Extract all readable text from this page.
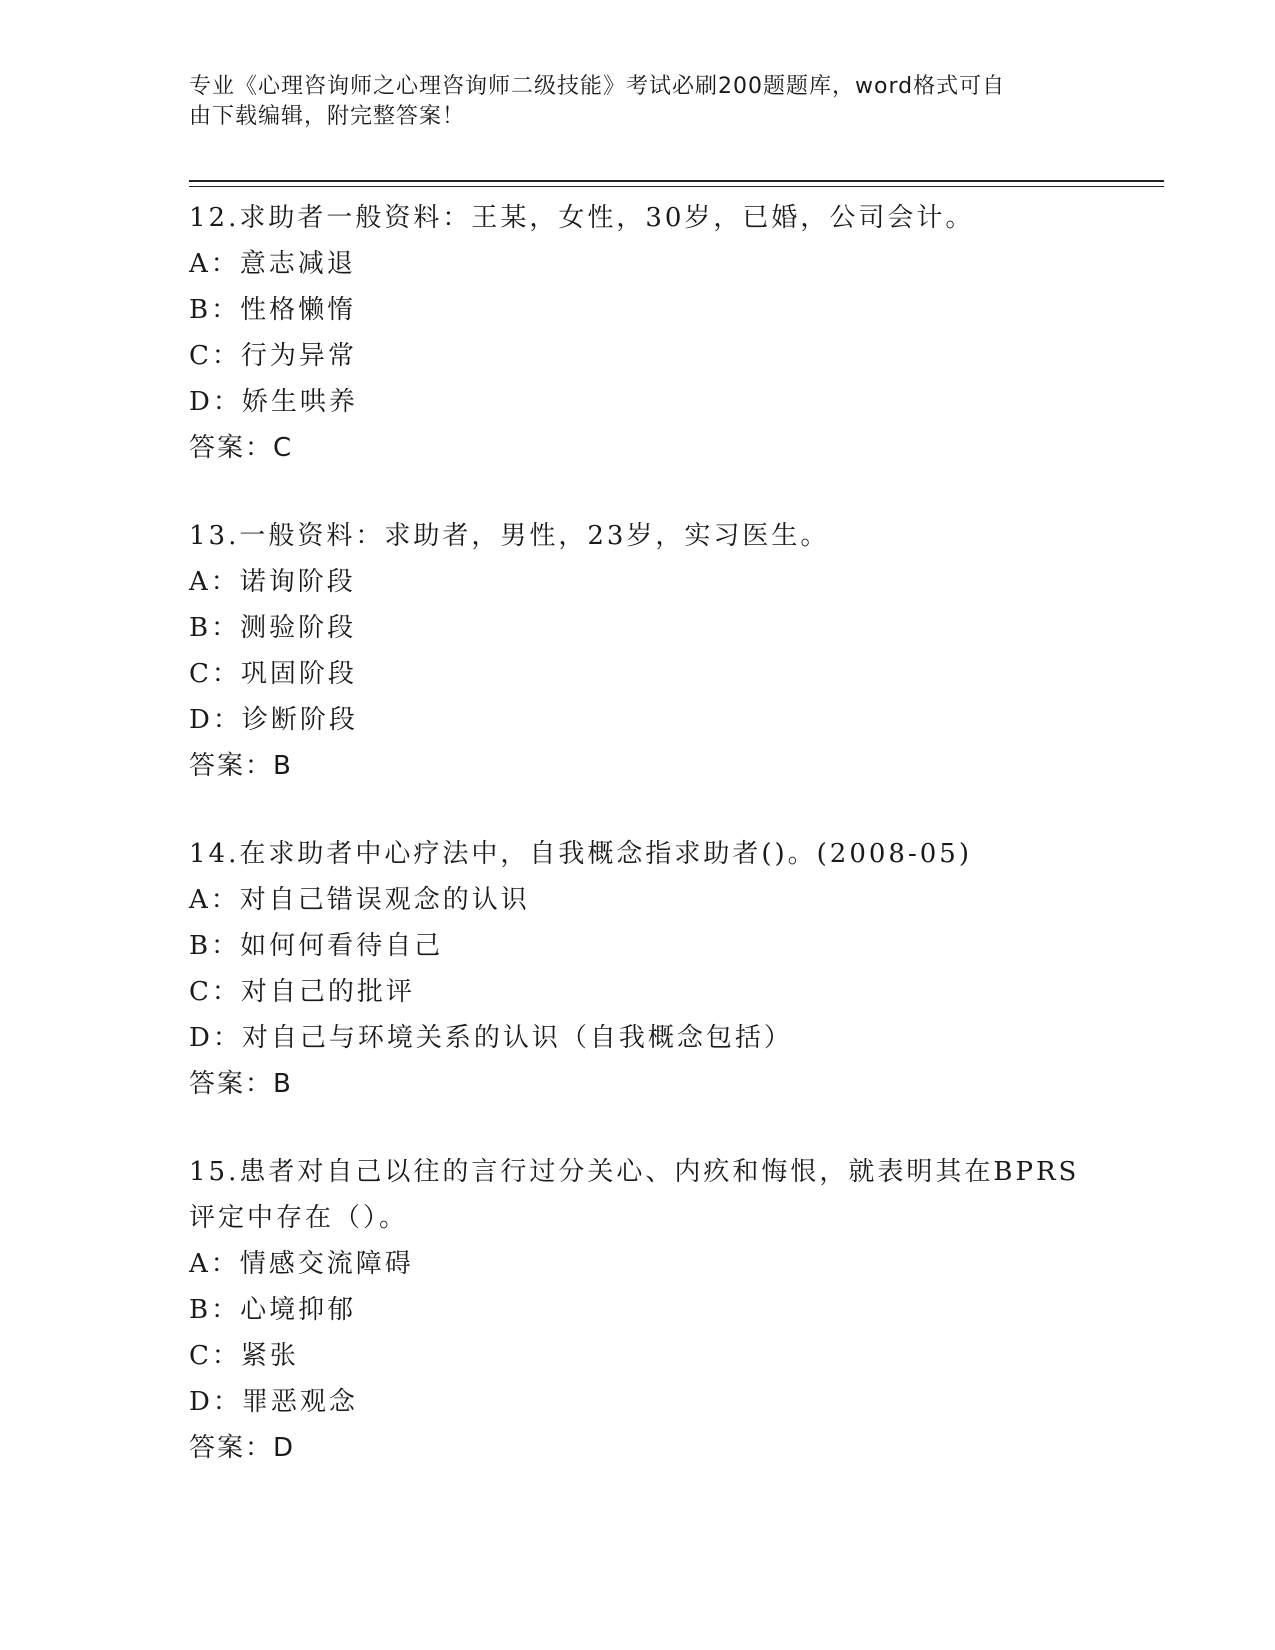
专业《心理咨询师之心理咨询师二级技能》考试必刷200题题库，word格式可自
由下载编辑，附完整答案！

12.求助者一般资料：王某，女性，30岁，已婚，公司会计。

A：意志减退

B：性格懒惰

C：行为异常

D：娇生哄养

答案：C

13.一般资料：求助者，男性，23岁，实习医生。

A：诺询阶段

B：测验阶段

C：巩固阶段

D：诊断阶段

答案：B

14.在求助者中心疗法中，自我概念指求助者()。(2008-05)

A：对自己错误观念的认识

B：如何何看待自己

C：对自己的批评

D：对自己与环境关系的认识（自我概念包括）

答案：B

15.患者对自己以往的言行过分关心、内疚和悔恨，就表明其在BPRS评定中存在（）。

A：情感交流障碍

B：心境抑郁

C：紧张

D：罪恶观念

答案：D
